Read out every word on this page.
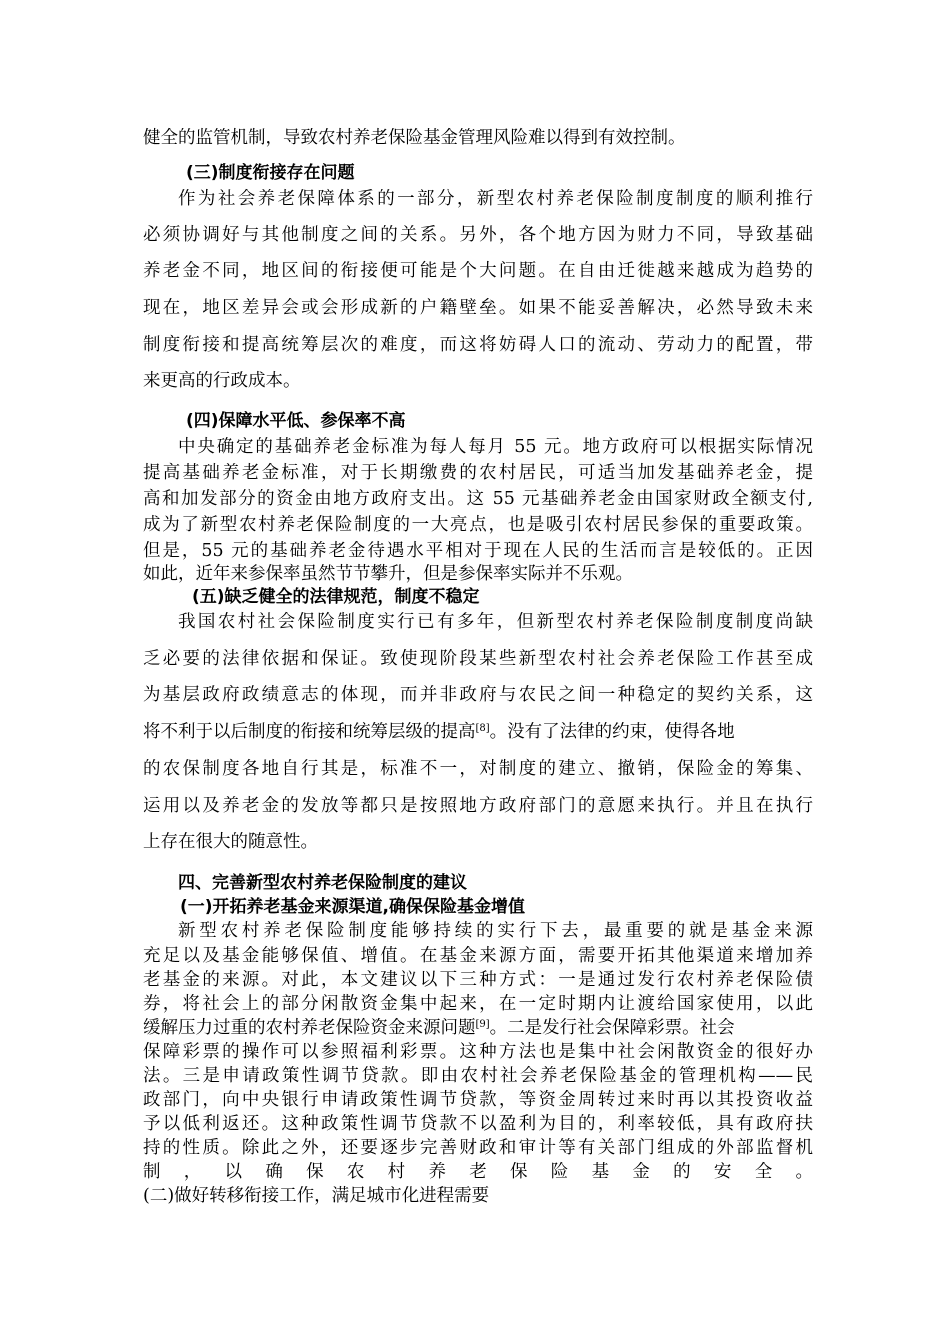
健全的监管机制，导致农村养老保险基金管理风险难以得到有效控制。
(三)制度衔接存在问题
作为社会养老保障体系的一部分，新型农村养老保险制度制度的顺利推行
必须协调好与其他制度之间的关系。另外，各个地方因为财力不同，导致基础
养老金不同，地区间的衔接便可能是个大问题。在自由迁徙越来越成为趋势的
现在，地区差异会或会形成新的户籍壁垒。如果不能妥善解决，必然导致未来
制度衔接和提高统筹层次的难度，而这将妨碍人口的流动、劳动力的配置，带
来更高的行政成本。
(四)保障水平低、参保率不高
中央确定的基础养老金标准为每人每月 55 元。地方政府可以根据实际情况
提高基础养老金标准，对于长期缴费的农村居民，可适当加发基础养老金，提
高和加发部分的资金由地方政府支出。这 55 元基础养老金由国家财政全额支付,
成为了新型农村养老保险制度的一大亮点，也是吸引农村居民参保的重要政策。
但是，55 元的基础养老金待遇水平相对于现在人民的生活而言是较低的。正因
如此，近年来参保率虽然节节攀升，但是参保率实际并不乐观。
(五)缺乏健全的法律规范，制度不稳定
我国农村社会保险制度实行已有多年，但新型农村养老保险制度制度尚缺
乏必要的法律依据和保证。致使现阶段某些新型农村社会养老保险工作甚至成
为基层政府政绩意志的体现，而并非政府与农民之间一种稳定的契约关系，这
将不利于以后制度的衔接和统筹层级的提高[8]。没有了法律的约束，使得各地
的农保制度各地自行其是，标准不一，对制度的建立、撤销，保险金的筹集、
运用以及养老金的发放等都只是按照地方政府部门的意愿来执行。并且在执行
上存在很大的随意性。
四、完善新型农村养老保险制度的建议
(一)开拓养老基金来源渠道,确保保险基金增值
新型农村养老保险制度能够持续的实行下去，最重要的就是基金来源
充足以及基金能够保值、增值。在基金来源方面，需要开拓其他渠道来增加养
老基金的来源。对此，本文建议以下三种方式：一是通过发行农村养老保险债
券，将社会上的部分闲散资金集中起来，在一定时期内让渡给国家使用，以此
缓解压力过重的农村养老保险资金来源问题[9]。二是发行社会保障彩票。社会
保障彩票的操作可以参照福利彩票。这种方法也是集中社会闲散资金的很好办
法。三是申请政策性调节贷款。即由农村社会养老保险基金的管理机构——民
政部门，向中央银行申请政策性调节贷款，等资金周转过来时再以其投资收益
予以低利返还。这种政策性调节贷款不以盈利为目的，利率较低，具有政府扶
持的性质。除此之外，还要逐步完善财政和审计等有关部门组成的外部监督机
制，以确保农村养老保险基金的安全。
(二)做好转移衔接工作，满足城市化进程需要
